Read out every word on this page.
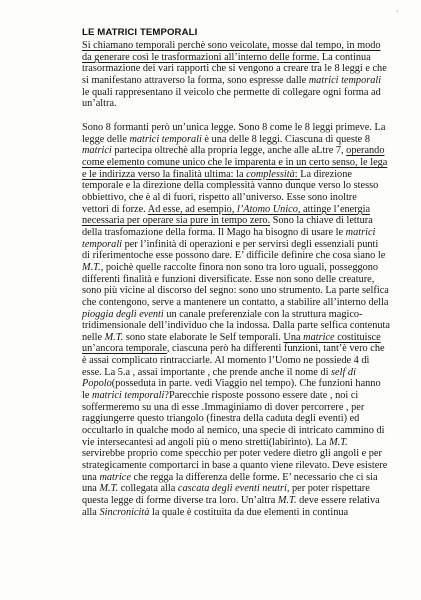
´
LE MATRICI TEMPORALI
Si chiamano temporali perchè sono veicolate, mosse dal tempo, in modo
da generare così le trasformazioni all’interno delle forme. La continua
trasormazione dei vari rapporti che si vengono a creare tra le 8 leggi e che
si manifestano attraverso la forma, sono espresse dalle matrici temporali
le quali rappresentano il veicolo che permette di collegare ogni forma ad
un’altra.
Sono 8 formanti però un’unica legge. Sono 8 come le 8 leggi primeve. La
legge delle matrici temporali è una delle 8 leggi. Ciascuna di queste 8
matrici partecipa oltrechè alla propria legge, anche alle aLtre 7, operando
come elemento comune unico che le imparenta e in un certo senso, le lega
e le indirizza verso la finalità ultima: la complessità: La direzione
temporale e la direzione della complessità vanno dunque verso lo stesso
obbiettivo, che è al di fuori, rispetto all’universo. Esse sono inoltre
vettori di forze. Ad esse, ad esempio, l’Atomo Unico, attinge l’energia
necessaria per operare sia pure in tempo zero. Sono la chiave di lettura
della trasfomazione della forma. Il Mago ha bisogno di usare le matrici
temporali per l’infinità di operazioni e per servirsi degli essenziali punti
di riferimentoche esse possono dare. E’ difficile definire che cosa siano le
M.T., poichè quelle raccolte finora non sono tra loro uguali, posseggono
differenti finalità e funzioni diversificate. Esse non sono delle creature,
sono più vicine al discorso del segno: sono uno strumento. La parte selfica
che contengono, serve a mantenere un contatto, a stabilire all’interno della
pioggia degli eventi un canale preferenziale con la struttura magico-
tridimensionale dell’individuo che la indossa. Dalla parte selfica contenuta
nelle M.T. sono state elaborate le Self temporali. Una matrice costituisce
un’ancora temporale, ciascuna però ha differenti funzioni, tant’è vero che
è assai complicato rintracciarle. Al momento l’Uomo ne possiede 4 di
esse. La 5.a , assai importante , che prende anche il nome di self di
Popolo(posseduta in parte. vedi Viaggio nel tempo). Che funzioni hanno
le matrici temporali?Parecchie risposte possono essere date , noi ci
soffermeremo su una di esse .Immaginiamo di dover percorrere , per
raggiungerre questo triangolo (finestra della caduta degli eventi) ed
occultarlo in qualche modo al nemico, una specie di intricato cammino di
vie intersecantesi ad angoli più o meno stretti(labirinto). La M.T.
servirebbe proprio come specchio per poter vedere dietro gli angoli e per
strategicamente comportarci in base a quanto viene rilevato. Deve esistere
una matrice che regga la differenza delle forme. E’ necessario che ci sia
una M.T. collegata alla cascata degli eventi neutri, per poter rispettare
questa legge di forme diverse tra loro. Un’altra M.T. deve essere relativa
alla Sincronicità la quale è costituita da due elementi in continua
